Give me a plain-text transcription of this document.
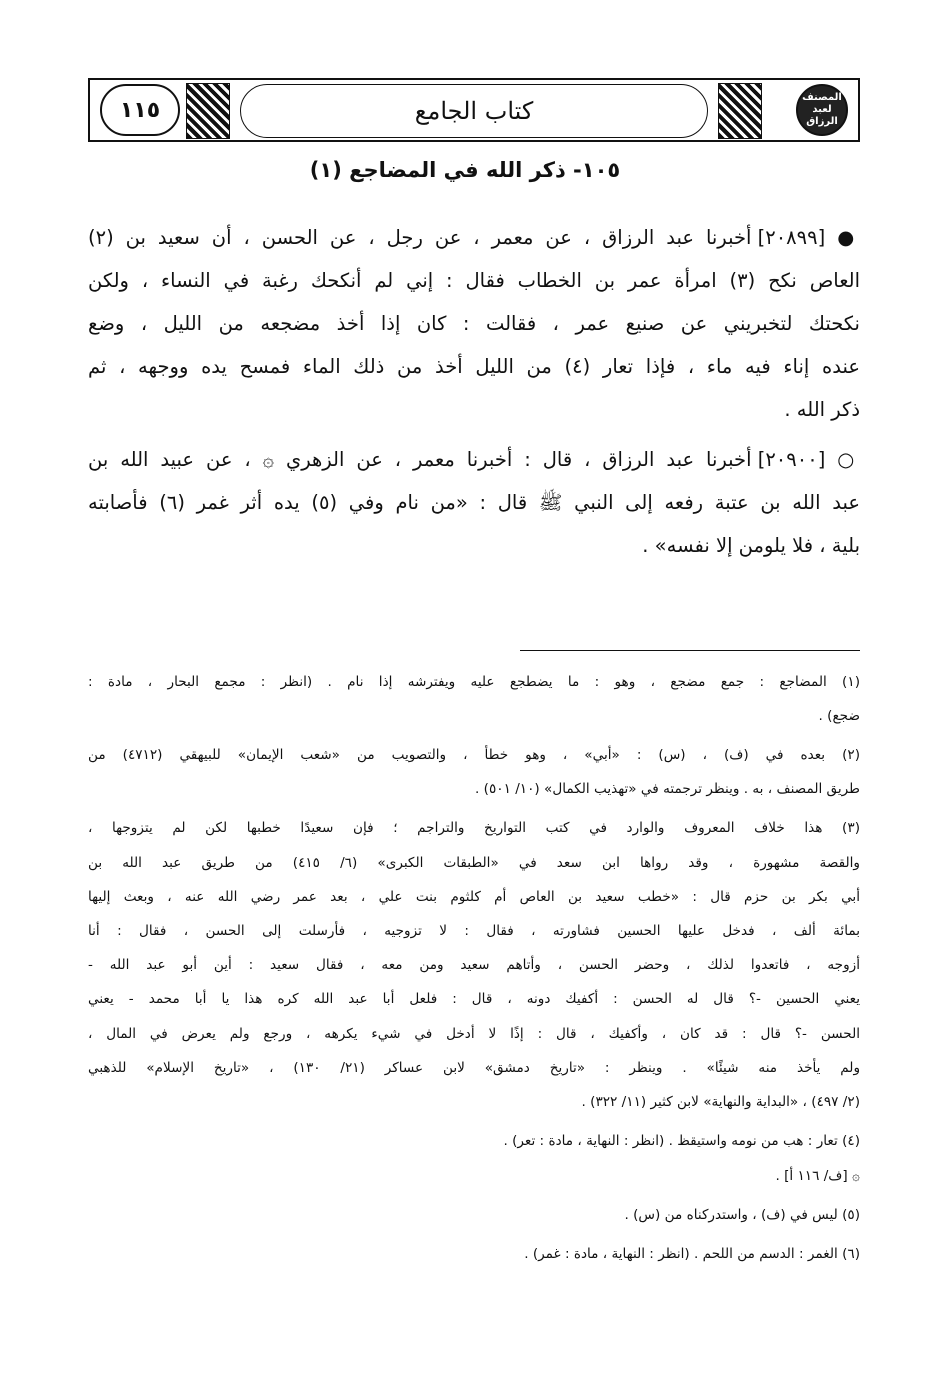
١١٥	كتاب الجامع	المصنف لعبد الرزاق
١٠٥- ذكر الله في المضاجع (١)
● [٢٠٨٩٩] أخبرنا عبد الرزاق ، عن معمر ، عن رجل ، عن الحسن ، أن سعيد بن (٢)
العاص نكح (٣) امرأة عمر بن الخطاب فقال : إني لم أنكحك رغبة في النساء ، ولكن
نكحتك لتخبريني عن صنيع عمر ، فقالت : كان إذا أخذ مضجعه من الليل ، وضع
عنده إناء فيه ماء ، فإذا تعار (٤) من الليل أخذ من ذلك الماء فمسح يده ووجهه ، ثم
ذكر الله .
○ [٢٠٩٠٠] أخبرنا عبد الرزاق ، قال : أخبرنا معمر ، عن الزهري ۞ ، عن عبيد الله بن
عبد الله بن عتبة رفعه إلى النبي ﷺ قال : «من نام وفي (٥) يده أثر غمر (٦) فأصابته
بلية ، فلا يلومن إلا نفسه» .
(١) المضاجع : جمع مضجع ، وهو : ما يضطجع عليه ويفترشه إذا نام . (انظر : مجمع البحار ، مادة :
ضجع) .
(٢) بعده في (ف) ، (س) : «أبي» ، وهو خطأ ، والتصويب من «شعب الإيمان» للبيهقي (٤٧١٢) من
طريق المصنف ، به . وينظر ترجمته في «تهذيب الكمال» (١٠/ ٥٠١) .
(٣) هذا خلاف المعروف والوارد في كتب التواريخ والتراجم ؛ فإن سعيدًا خطبها لكن لم يتزوجها ،
والقصة مشهورة ، وقد رواها ابن سعد في «الطبقات الكبرى» (٦/ ٤١٥) من طريق عبد الله بن
أبي بكر بن حزم قال : «خطب سعيد بن العاص أم كلثوم بنت علي ، بعد عمر رضي الله عنه ، وبعث إليها
بمائة ألف ، فدخل عليها الحسين فشاورته ، فقال : لا تزوجيه ، فأرسلت إلى الحسن ، فقال : أنا
أزوجه ، فاتعدوا لذلك ، وحضر الحسن ، وأتاهم سعيد ومن معه ، فقال سعيد : أين أبو عبد الله -
يعني الحسين -؟ قال له الحسن : أكفيك دونه ، قال : فلعل أبا عبد الله كره هذا يا أبا محمد - يعني
الحسن -؟ قال : قد كان ، وأكفيك ، قال : إذًا لا أدخل في شيء يكرهه ، ورجع ولم يعرض في المال ،
ولم يأخذ منه شيئًا» . وينظر : «تاريخ دمشق» لابن عساكر (٢١/ ١٣٠) ، «تاريخ الإسلام» للذهبي
(٢/ ٤٩٧) ، «البداية والنهاية» لابن كثير (١١/ ٣٢٢) .
(٤) تعار : هب من نومه واستيقظ . (انظر : النهاية ، مادة : تعر) .
۞ [ف/ ١١٦ أ] .
(٥) ليس في (ف) ، واستدركناه من (س) .
(٦) الغمر : الدسم من اللحم . (انظر : النهاية ، مادة : غمر) .
